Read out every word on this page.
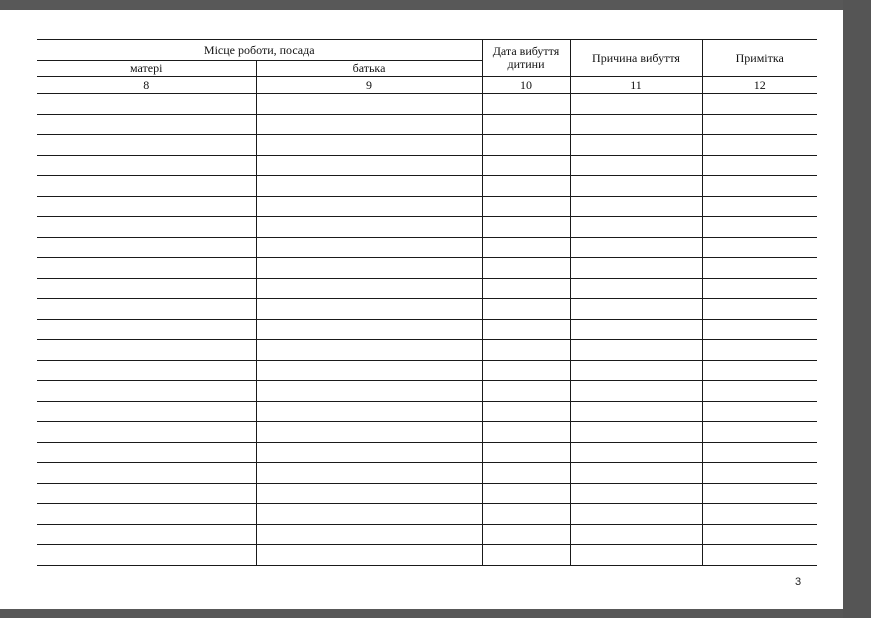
Місце роботи, посада		Дата вибуття дитини	Причина вибуття	Примітка
матері	батька			
8	9	10	11	12

3
